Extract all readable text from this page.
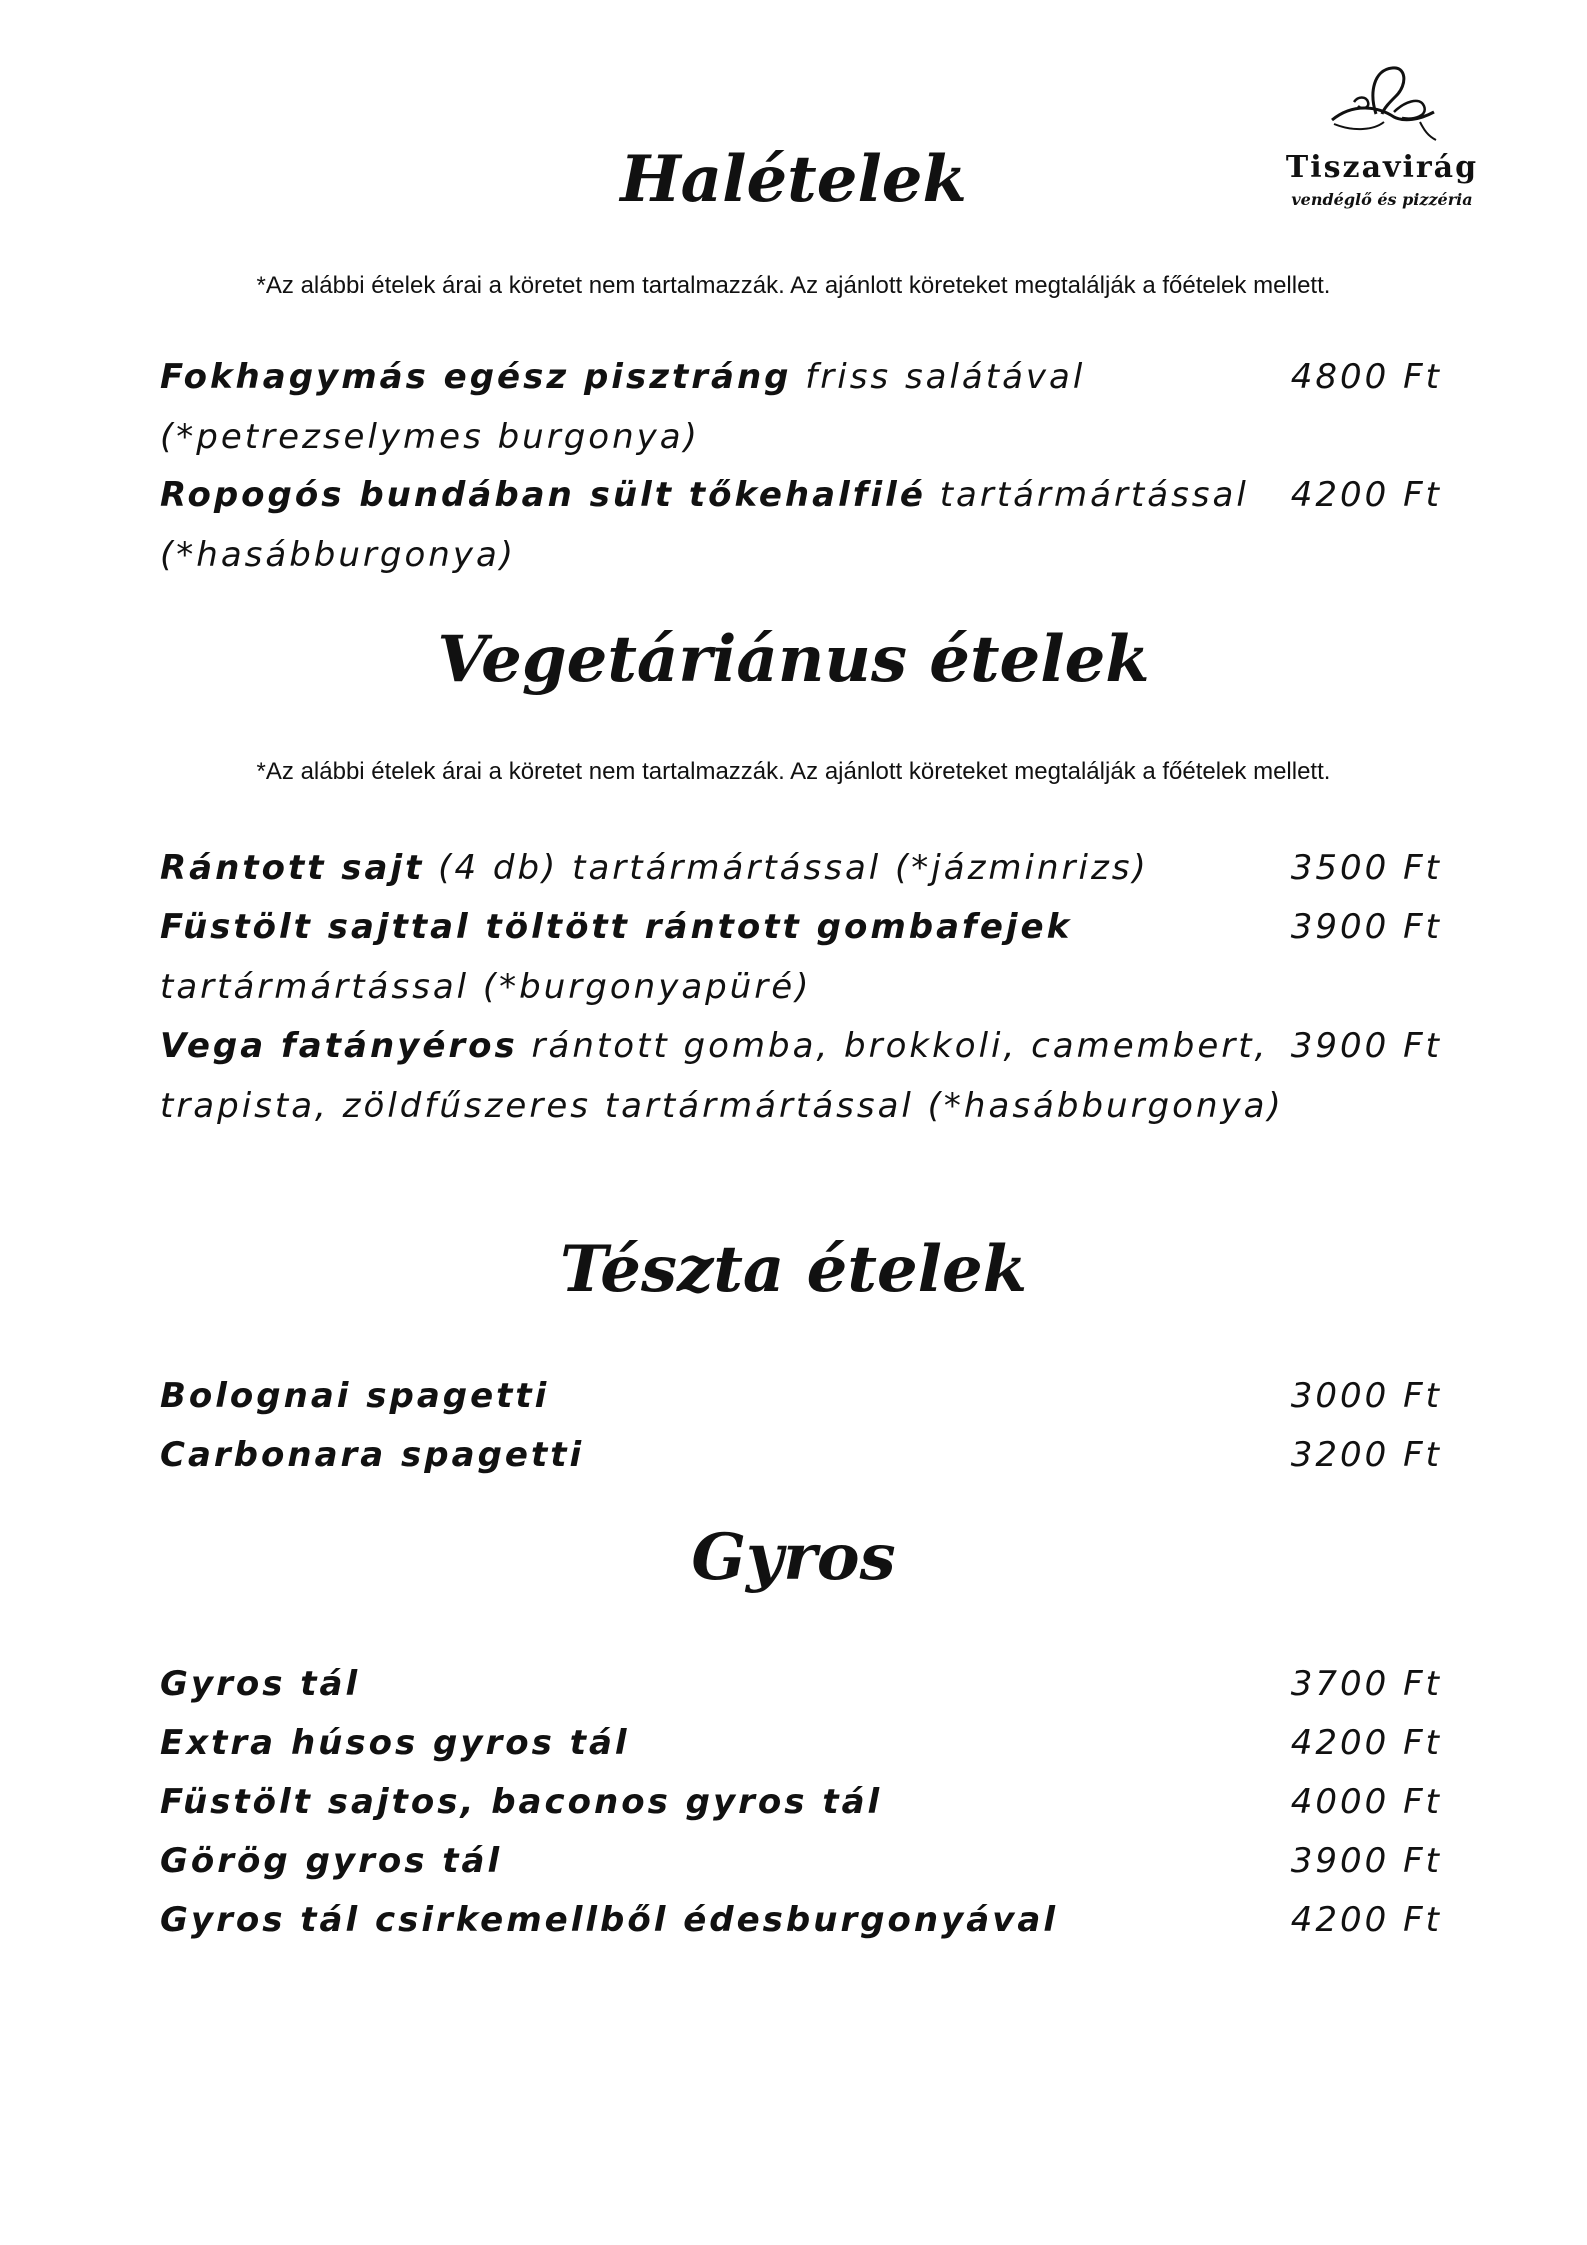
Tiszavirág
vendéglő és pizzéria
Halételek
*Az alábbi ételek árai a köretet nem tartalmazzák. Az ajánlott köreteket megtalálják a főételek mellett.
Fokhagymás egész pisztráng friss salátával	4800 Ft
(*petrezselymes burgonya)
Ropogós bundában sült tőkehalfilé tartármártással	4200 Ft
(*hasábburgonya)
Vegetáriánus ételek
*Az alábbi ételek árai a köretet nem tartalmazzák. Az ajánlott köreteket megtalálják a főételek mellett.
Rántott sajt (4 db) tartármártással (*jázminrizs)	3500 Ft
Füstölt sajttal töltött rántott gombafejek	3900 Ft
tartármártással (*burgonyapüré)
Vega fatányéros rántott gomba, brokkoli, camembert, 3900 Ft
trapista, zöldfűszeres tartármártással (*hasábburgonya)
Tészta ételek
Bolognai spagetti	3000 Ft
Carbonara spagetti	3200 Ft
Gyros
Gyros tál	3700 Ft
Extra húsos gyros tál	4200 Ft
Füstölt sajtos, baconos gyros tál	4000 Ft
Görög gyros tál	3900 Ft
Gyros tál csirkemellből édesburgonyával	4200 Ft
